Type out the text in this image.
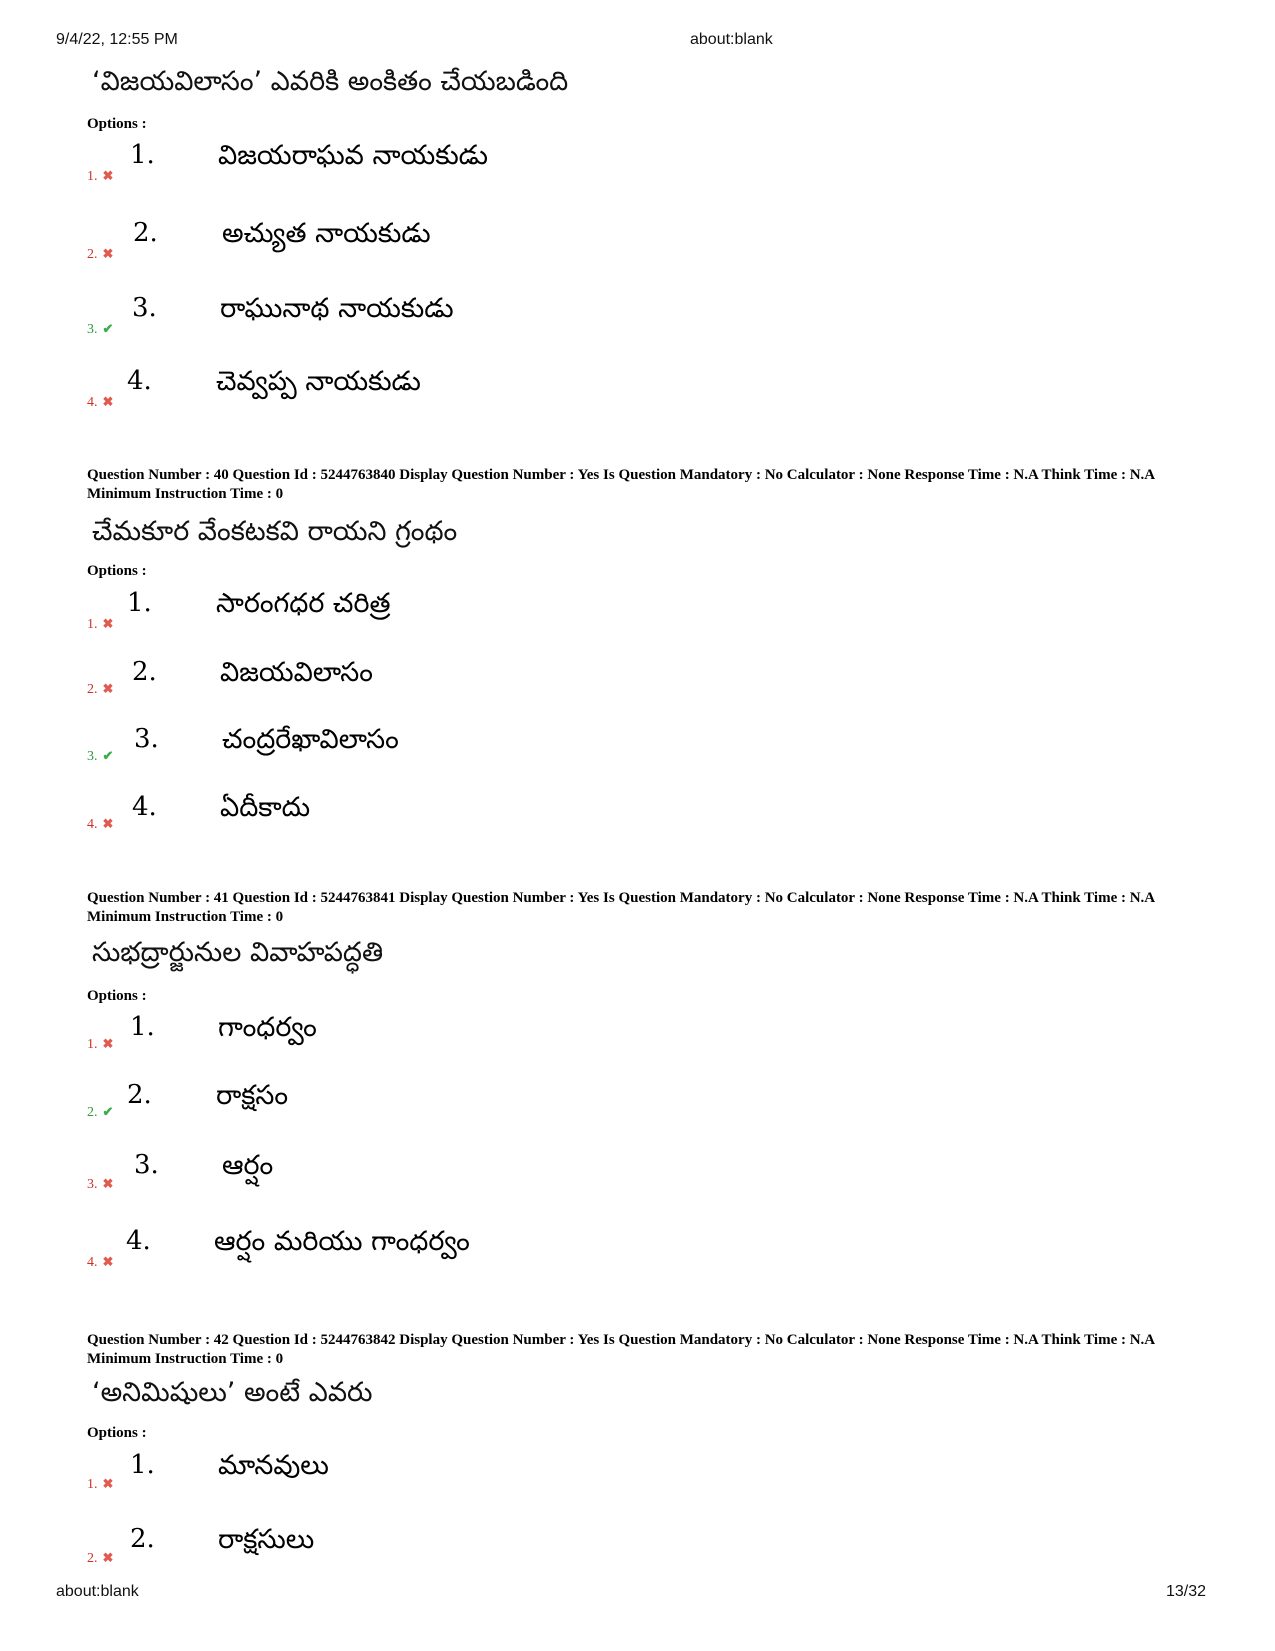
9/4/22, 12:55 PM	about:blank
‘విజయవిలాసం’ ఎవరికి అంకితం చేయబడింది
Options :
1. ✖
1. విజయరాఘవ నాయకుడు
2. ✖
2. అచ్యుత నాయకుడు
3. ✔
3. రాఘునాథ నాయకుడు
4. ✖
4. చెవ్వప్ప నాయకుడు
Question Number : 40 Question Id : 5244763840 Display Question Number : Yes Is Question Mandatory : No Calculator : None Response Time : N.A Think Time : N.A Minimum Instruction Time : 0
చేమకూర వేంకటకవి రాయని గ్రంథం
Options :
1. ✖
1. సారంగధర చరిత్ర
2. ✖
2. విజయవిలాసం
3. ✔
3. చంద్రరేఖావిలాసం
4. ✖
4. ఏదీకాదు
Question Number : 41 Question Id : 5244763841 Display Question Number : Yes Is Question Mandatory : No Calculator : None Response Time : N.A Think Time : N.A Minimum Instruction Time : 0
సుభద్రార్జునుల వివాహపద్ధతి
Options :
1. ✖
1. గాంధర్వం
2. ✔
2. రాక్షసం
3. ✖
3. ఆర్షం
4. ✖
4. ఆర్షం మరియు గాంధర్వం
Question Number : 42 Question Id : 5244763842 Display Question Number : Yes Is Question Mandatory : No Calculator : None Response Time : N.A Think Time : N.A Minimum Instruction Time : 0
‘అనిమిషులు’ అంటే ఎవరు
Options :
1. ✖
1. మానవులు
2. ✖
2. రాక్షసులు
about:blank	13/32
